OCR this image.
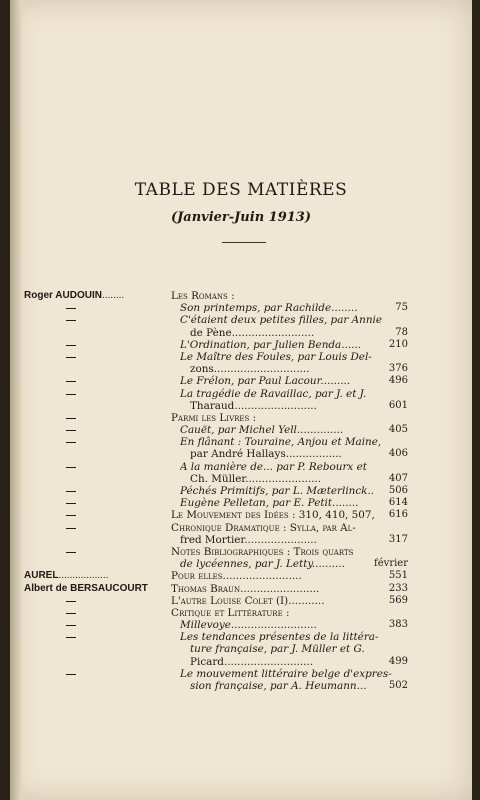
TABLE DES MATIÈRES
(Janvier-Juin 1913)
Roger AUDOUIN........	Les Romans :
Son printemps, par Rachilde........	75
C'étaient deux petites filles, par Annie
de Pène.........................	78
L'Ordination, par Julien Benda......	210
Le Maître des Foules, par Louis Del-
zons.............................	376
Le Frélon, par Paul Lacour.........	496
La tragédie de Ravaillac, par J. et J.
Tharaud.........................	601
Parmi les Livres :
Cauët, par Michel Yell..............	405
En flânant : Touraine, Anjou et Maine,
par André Hallays.................	406
A la manière de... par P. Rebourx et
Ch. Müller.......................	407
Péchés Primitifs, par L. Mæterlinck..	506
Eugène Pelletan, par E. Petit........	614
Le Mouvement des Idées : 310, 410, 507,	616
Chronique Dramatique : Sylla, par Al-
fred Mortier......................	317
Notes Bibliographiques : Trois quarts
de lycéennes, par J. Letty..........	février
AUREL..................	Pour elles........................	551
Albert de BERSAUCOURT	Thomas Braun........................	233
L'autre Louise Colet (I)...........	569
Critique et Littérature :
Millevoye..........................	383
Les tendances présentes de la littéra-
ture française, par J. Müller et G.
Picard...........................	499
Le mouvement littéraire belge d'expres-
sion française, par A. Heumann...	502
